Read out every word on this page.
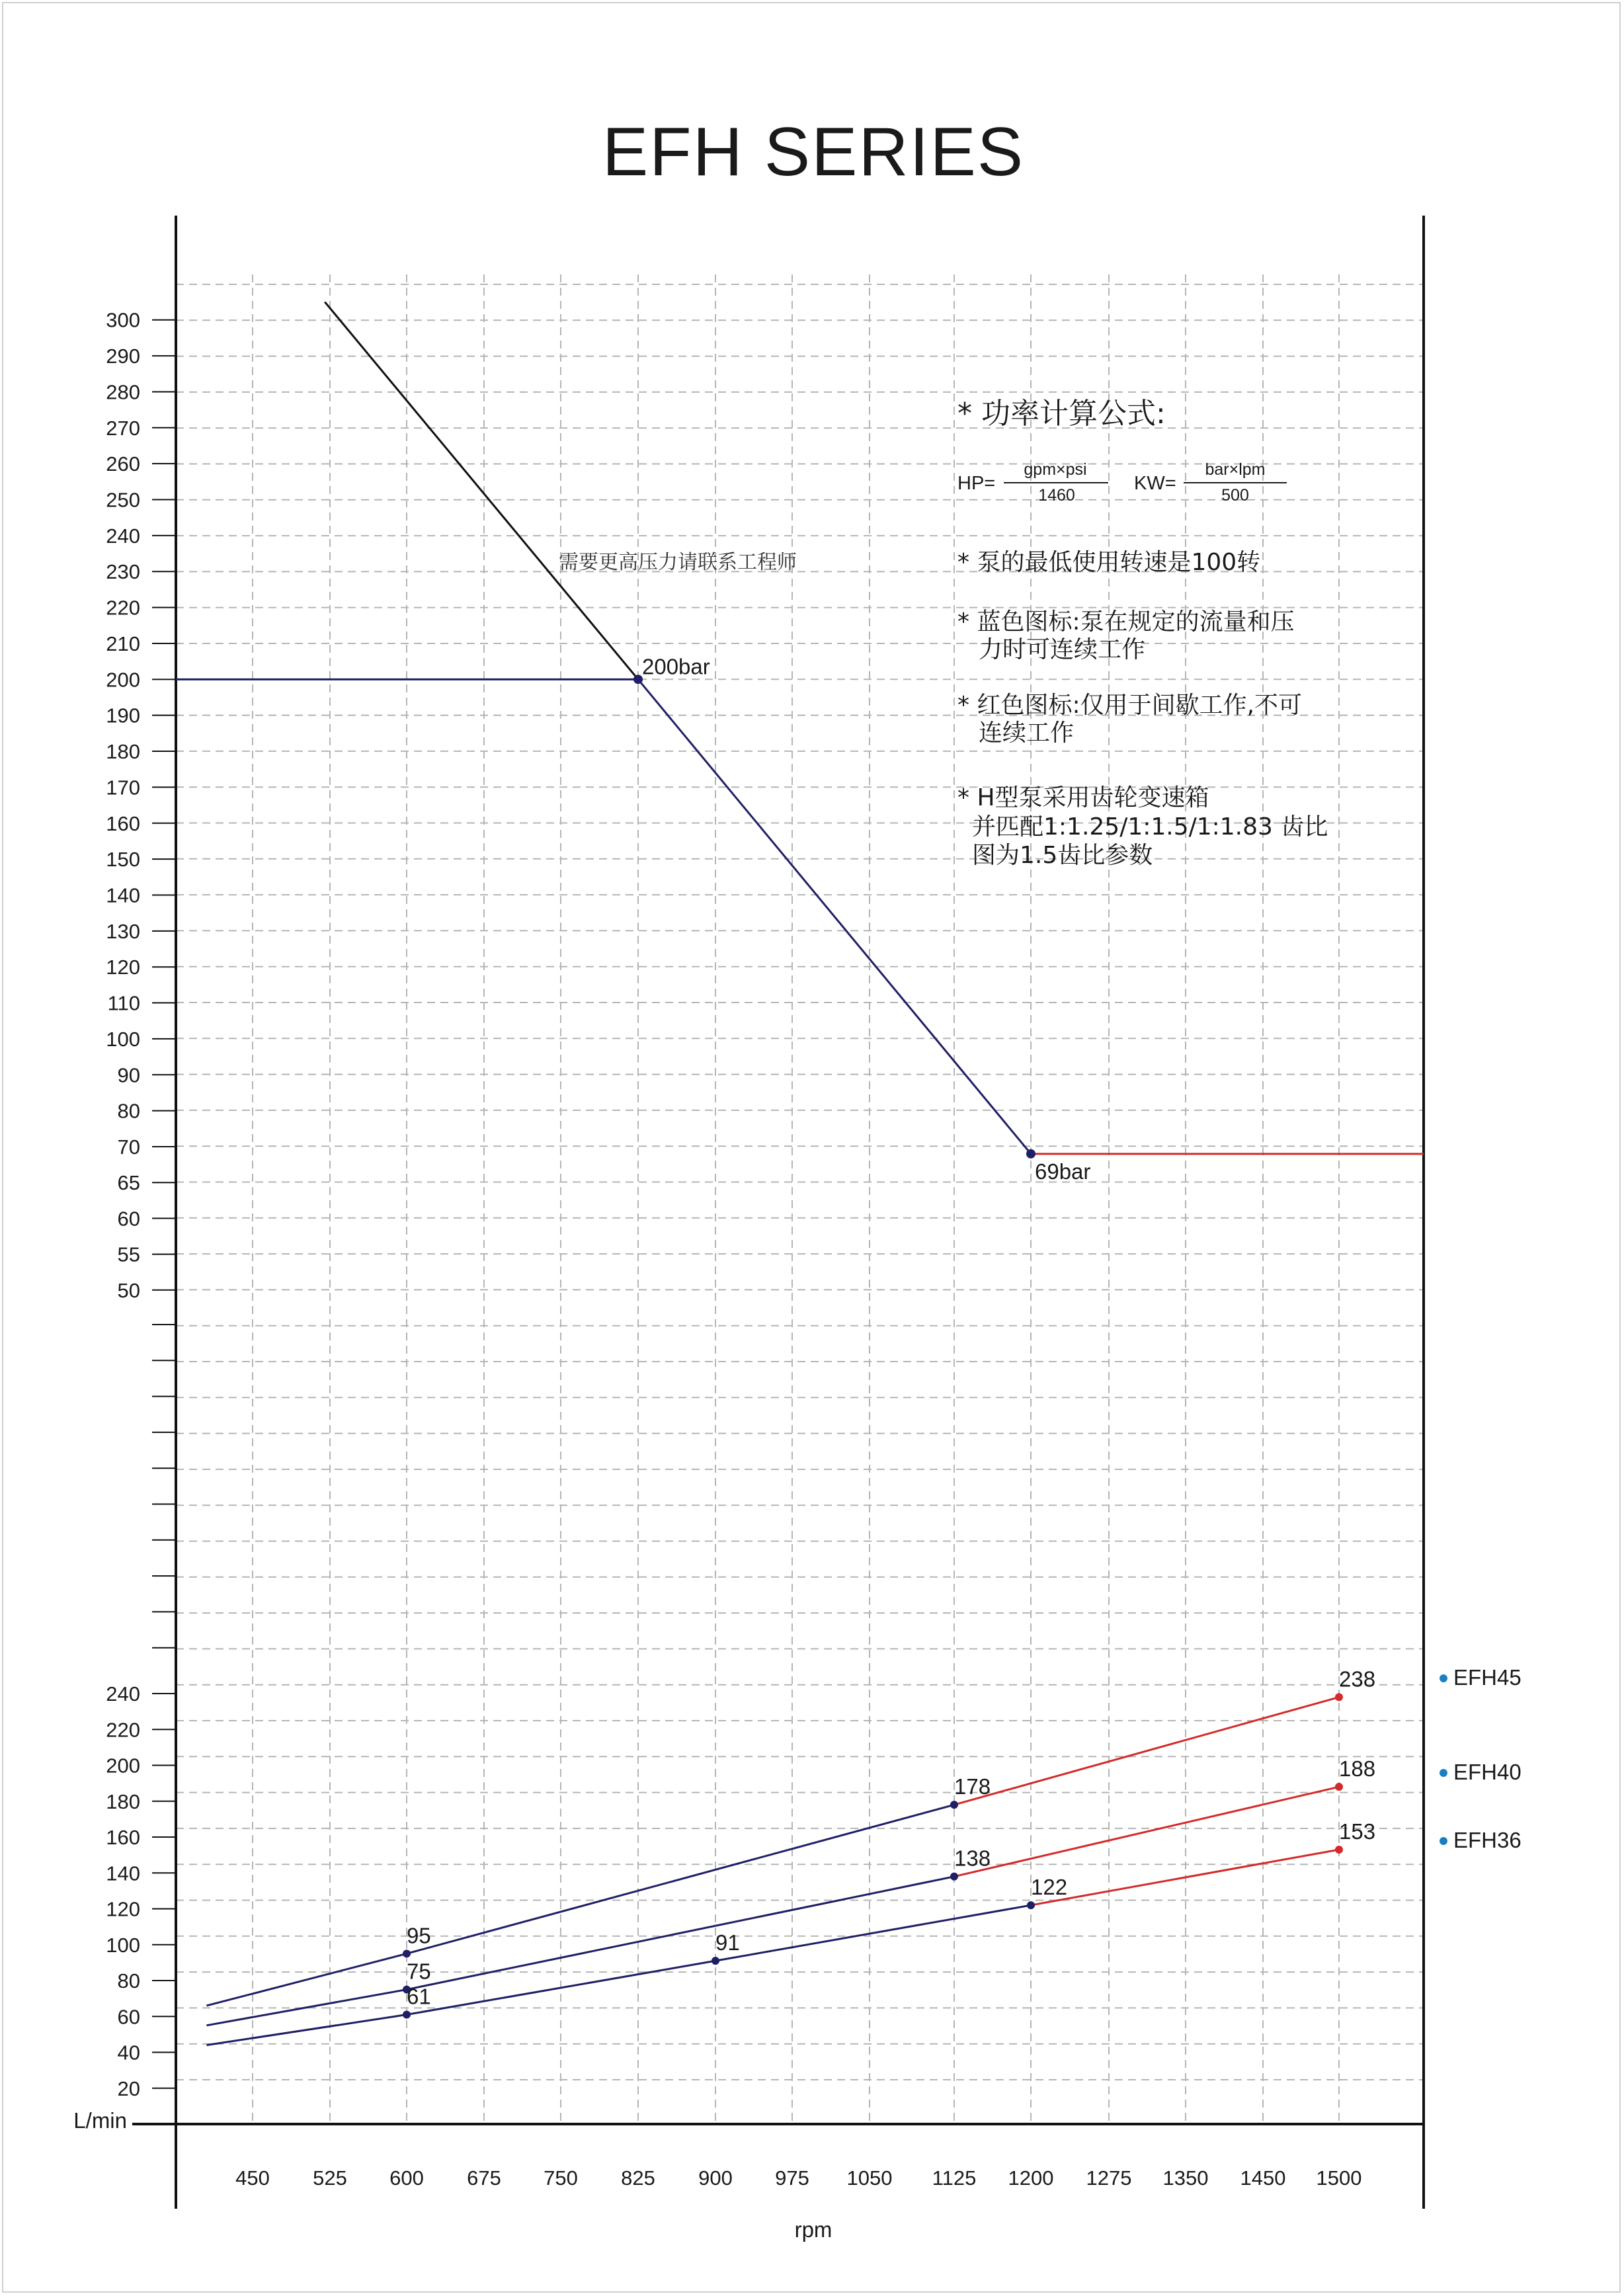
EFH SERIES
300
290
280
270
260
250
240
230
220
210
200
190
180
170
160
150
140
130
120
110
100
90
80
70
65
60
55
50
240
220
200
180
160
140
120
100
80
60
40
20
450 525 600 675 750 825 900 975 1050 1125 1200 1275 1350 1450 1500
200bar
69bar
95
178
238
75
138
188
61
91
122
153
EFH45
EFH40
EFH36
L/min
rpm
需要更高压力请联系工程师
* 功率计算公式:
HP=
gpm×psi
1460
KW=
bar×lpm
500
* 泵的最低使用转速是100转
* 蓝色图标:泵在规定的流量和压
力时可连续工作
* 红色图标:仅用于间歇工作,不可
连续工作
* H型泵采用齿轮变速箱
并匹配1:1.25/1:1.5/1:1.83 齿比
图为1.5齿比参数
